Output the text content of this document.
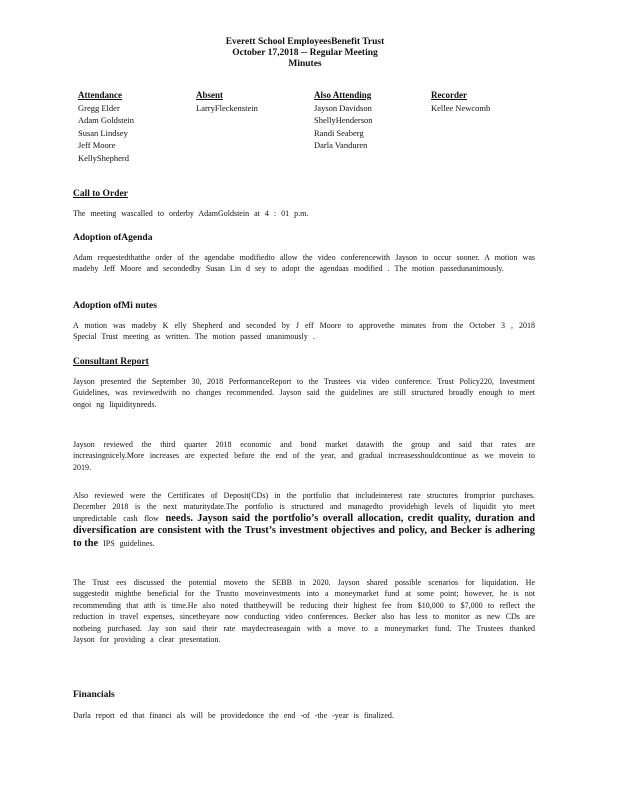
Everett School EmployeesBenefit Trust
October 17,2018 -- Regular Meeting
Minutes
Attendance
Gregg Elder
Adam Goldstein
Susan Lindsey
Jeff Moore
KellyShepherd
Absent
LarryFleckenstein
Also Attending
Jayson Davidson
ShellyHenderson
Randi Seaberg
Darla Vanduren
Recorder
Kellee Newcomb
Call to Order
The meeting wascalled to orderby AdamGoldstein at 4 : 01 p.m.
Adoption ofAgenda
Adam requestedthatthe order of the agendabe modifiedto allow the video conferencewith Jayson to occur sooner. A motion was madeby Jeff Moore and secondedby Susan Lin d sey to adopt the agendaas modified . The motion passedunanimously.
Adoption ofMi nutes
A motion was madeby K elly Shepherd and seconded by J eff Moore to approvethe minutes from the October 3 , 2018 Special Trust meeting as written. The motion passed unanimously .
Consultant Report
Jayson presented the September 30, 2018 PerformanceReport to the Trustees via video conference. Trust Policy220, Investment Guidelines, was reviewedwith no changes recommended. Jayson said the guidelines are still structured broadly enough to meet ongoi ng liquidityneeds.
Jayson reviewed the third quarter 2018 economic and bond market datawith the group and said that rates are increasingnicely.More increases are expected before the end of the year, and gradual increasesshouldcontinue as we movein to 2019.
Also reviewed were the Certificates of Deposit(CDs) in the portfolio that includeinterest rate structures fromprior purchases. December 2018 is the next maturitydate.The portfolio is structured and managedto providehigh levels of liquidit yto meet unpredictable cash flow needs. Jayson said the portfolio’s overall allocation, credit quality, duration and diversification are consistent with the Trust’s investment objectives and policy, and Becker is adhering to the IPS guidelines.
The Trust ees discussed the potential moveto the SEBB in 2020. Jayson shared possible scenarios for liquidation. He suggestedit mightbe beneficial for the Trustto moveinvestments into a moneymarket fund at some point; however, he is not recommending that atth is time.He also noted thattheywill be reducing their highest fee from $10,000 to $7,000 to reflect the reduction in travel expenses, sincetheyare now conducting video conferences. Becker also has less to monitor as new CDs are notbeing purchased. Jay son said their rate maydecreaseagain with a move to a moneymarket fund. The Trustees thanked Jayson for providing a clear presentation.
Financials
Darla report ed that financi als will be providedonce the end -of -the -year is finalized.
